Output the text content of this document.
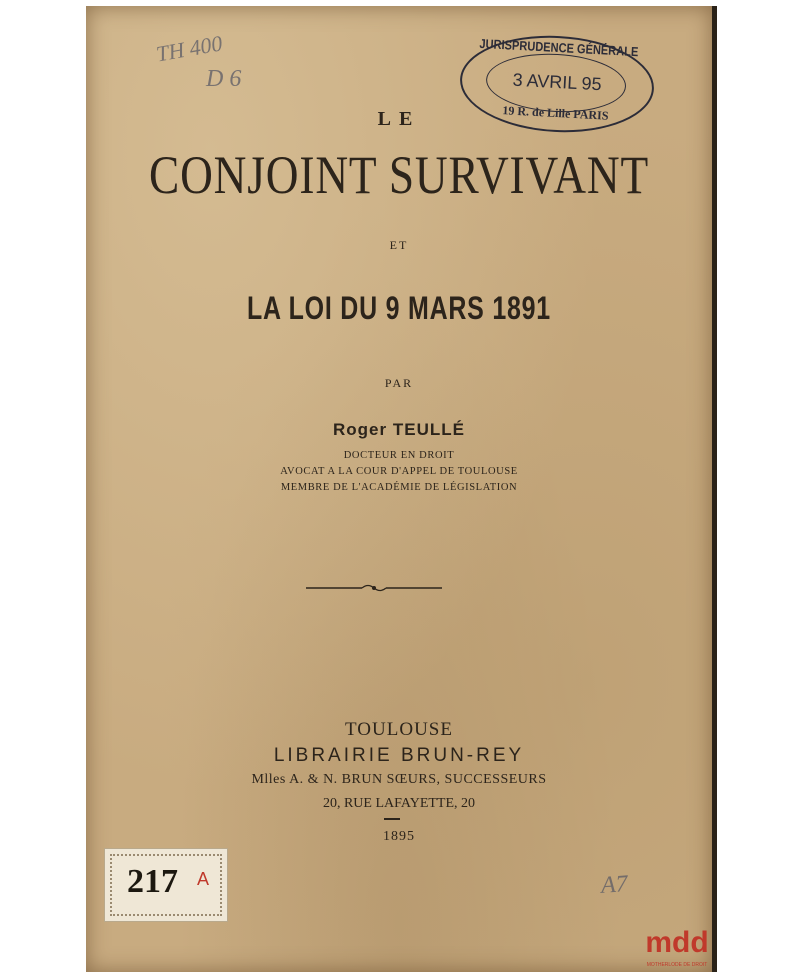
TH 400
D 6
JURISPRUDENCE GÉNÉRALE
3 AVRIL 95
19 R. de Lille PARIS
LE
CONJOINT SURVIVANT
ET
LA LOI DU 9 MARS 1891
PAR
Roger TEULLÉ
DOCTEUR EN DROIT
AVOCAT A LA COUR D'APPEL DE TOULOUSE
MEMBRE DE L'ACADÉMIE DE LÉGISLATION
TOULOUSE
LIBRAIRIE BRUN-REY
Mlles A. & N. BRUN SŒURS, SUCCESSEURS
20, RUE LAFAYETTE, 20
1895
A7
217 A
mdd
MOTHERLODE DE DROIT
